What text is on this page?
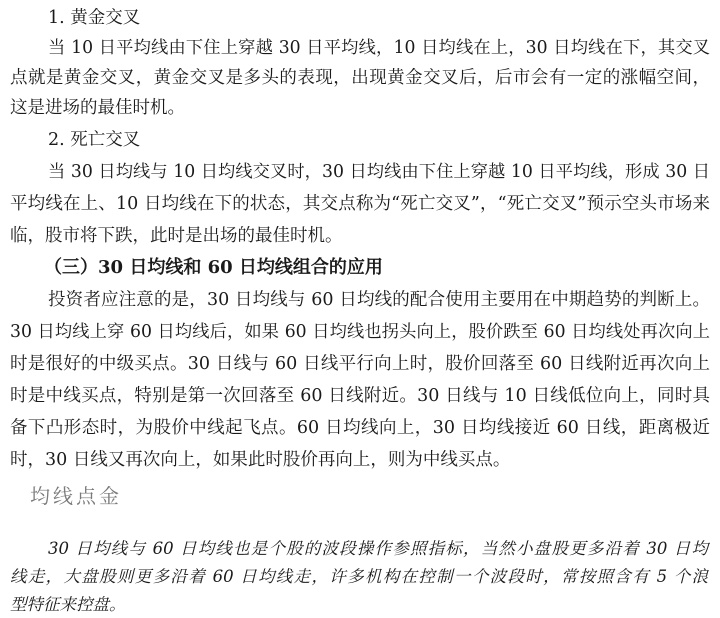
1. 黄金交叉
当 10 日平均线由下住上穿越 30 日平均线，10 日均线在上，30 日均线在下，其交叉
点就是黄金交叉，黄金交叉是多头的表现，出现黄金交叉后，后市会有一定的涨幅空间，
这是进场的最佳时机。
2. 死亡交叉
当 30 日均线与 10 日均线交叉时，30 日均线由下住上穿越 10 日平均线，形成 30 日
平均线在上、10 日均线在下的状态，其交点称为“死亡交叉”，“死亡交叉”预示空头市场来
临，股市将下跌，此时是出场的最佳时机。
（三）30 日均线和 60 日均线组合的应用
投资者应注意的是，30 日均线与 60 日均线的配合使用主要用在中期趋势的判断上。
30 日均线上穿 60 日均线后，如果 60 日均线也拐头向上，股价跌至 60 日均线处再次向上
时是很好的中级买点。30 日线与 60 日线平行向上时，股价回落至 60 日线附近再次向上
时是中线买点，特别是第一次回落至 60 日线附近。30 日线与 10 日线低位向上，同时具
备下凸形态时，为股价中线起飞点。60 日均线向上，30 日均线接近 60 日线，距离极近
时，30 日线又再次向上，如果此时股价再向上，则为中线买点。
均线点金
30 日均线与 60 日均线也是个股的波段操作参照指标，当然小盘股更多沿着 30 日均
线走，大盘股则更多沿着 60 日均线走，许多机构在控制一个波段时，常按照含有 5 个浪
型特征来控盘。
